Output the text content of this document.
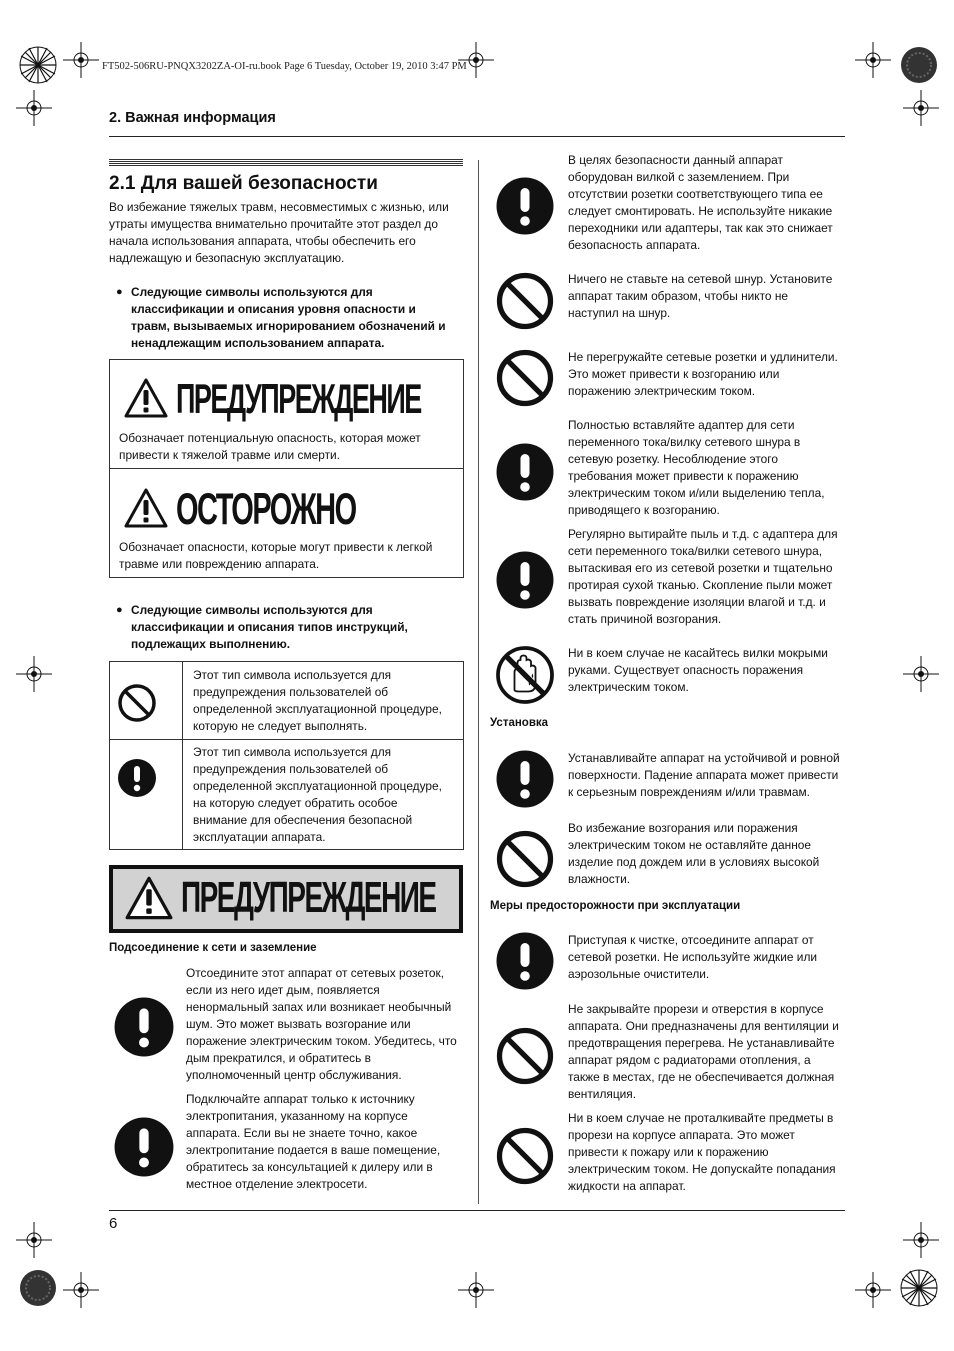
FT502-506RU-PNQX3202ZA-OI-ru.book Page 6 Tuesday, October 19, 2010 3:47 PM
2. Важная информация
2.1 Для вашей безопасности
Во избежание тяжелых травм, несовместимых с жизнью, или
утраты имущества внимательно прочитайте этот раздел до
начала использования аппарата, чтобы обеспечить его
надлежащую и безопасную эксплуатацию.
● Следующие символы используются для
классификации и описания уровня опасности и
травм, вызываемых игнорированием обозначений и
ненадлежащим использованием аппарата.
ПРЕДУПРЕЖДЕНИЕ
Обозначает потенциальную опасность, которая может
привести к тяжелой травме или смерти.
ОСТОРОЖНО
Обозначает опасности, которые могут привести к легкой
травме или повреждению аппарата.
● Следующие символы используются для
классификации и описания типов инструкций,
подлежащих выполнению.
Этот тип символа используется для
предупреждения пользователей об
определенной эксплуатационной процедуре,
которую не следует выполнять.
Этот тип символа используется для
предупреждения пользователей об
определенной эксплуатационной процедуре,
на которую следует обратить особое
внимание для обеспечения безопасной
эксплуатации аппарата.
ПРЕДУПРЕЖДЕНИЕ
Подсоединение к сети и заземление
Отсоедините этот аппарат от сетевых розеток,
если из него идет дым, появляется
ненормальный запах или возникает необычный
шум. Это может вызвать возгорание или
поражение электрическим током. Убедитесь, что
дым прекратился, и обратитесь в
уполномоченный центр обслуживания.
Подключайте аппарат только к источнику
электропитания, указанному на корпусе
аппарата. Если вы не знаете точно, какое
электропитание подается в ваше помещение,
обратитесь за консультацией к дилеру или в
местное отделение электросети.
В целях безопасности данный аппарат
оборудован вилкой с заземлением. При
отсутствии розетки соответствующего типа ее
следует смонтировать. Не используйте никакие
переходники или адаптеры, так как это снижает
безопасность аппарата.
Ничего не ставьте на сетевой шнур. Установите
аппарат таким образом, чтобы никто не
наступил на шнур.
Не перегружайте сетевые розетки и удлинители.
Это может привести к возгоранию или
поражению электрическим током.
Полностью вставляйте адаптер для сети
переменного тока/вилку сетевого шнура в
сетевую розетку. Несоблюдение этого
требования может привести к поражению
электрическим током и/или выделению тепла,
приводящего к возгоранию.
Регулярно вытирайте пыль и т.д. с адаптера для
сети переменного тока/вилки сетевого шнура,
вытаскивая его из сетевой розетки и тщательно
протирая сухой тканью. Скопление пыли может
вызвать повреждение изоляции влагой и т.д. и
стать причиной возгорания.
Ни в коем случае не касайтесь вилки мокрыми
руками. Существует опасность поражения
электрическим током.
Установка
Устанавливайте аппарат на устойчивой и ровной
поверхности. Падение аппарата может привести
к серьезным повреждениям и/или травмам.
Во избежание возгорания или поражения
электрическим током не оставляйте данное
изделие под дождем или в условиях высокой
влажности.
Меры предосторожности при эксплуатации
Приступая к чистке, отсоедините аппарат от
сетевой розетки. Не используйте жидкие или
аэрозольные очистители.
Не закрывайте прорези и отверстия в корпусе
аппарата. Они предназначены для вентиляции и
предотвращения перегрева. Не устанавливайте
аппарат рядом с радиаторами отопления, а
также в местах, где не обеспечивается должная
вентиляция.
Ни в коем случае не проталкивайте предметы в
прорези на корпусе аппарата. Это может
привести к пожару или к поражению
электрическим током. Не допускайте попадания
жидкости на аппарат.
6
